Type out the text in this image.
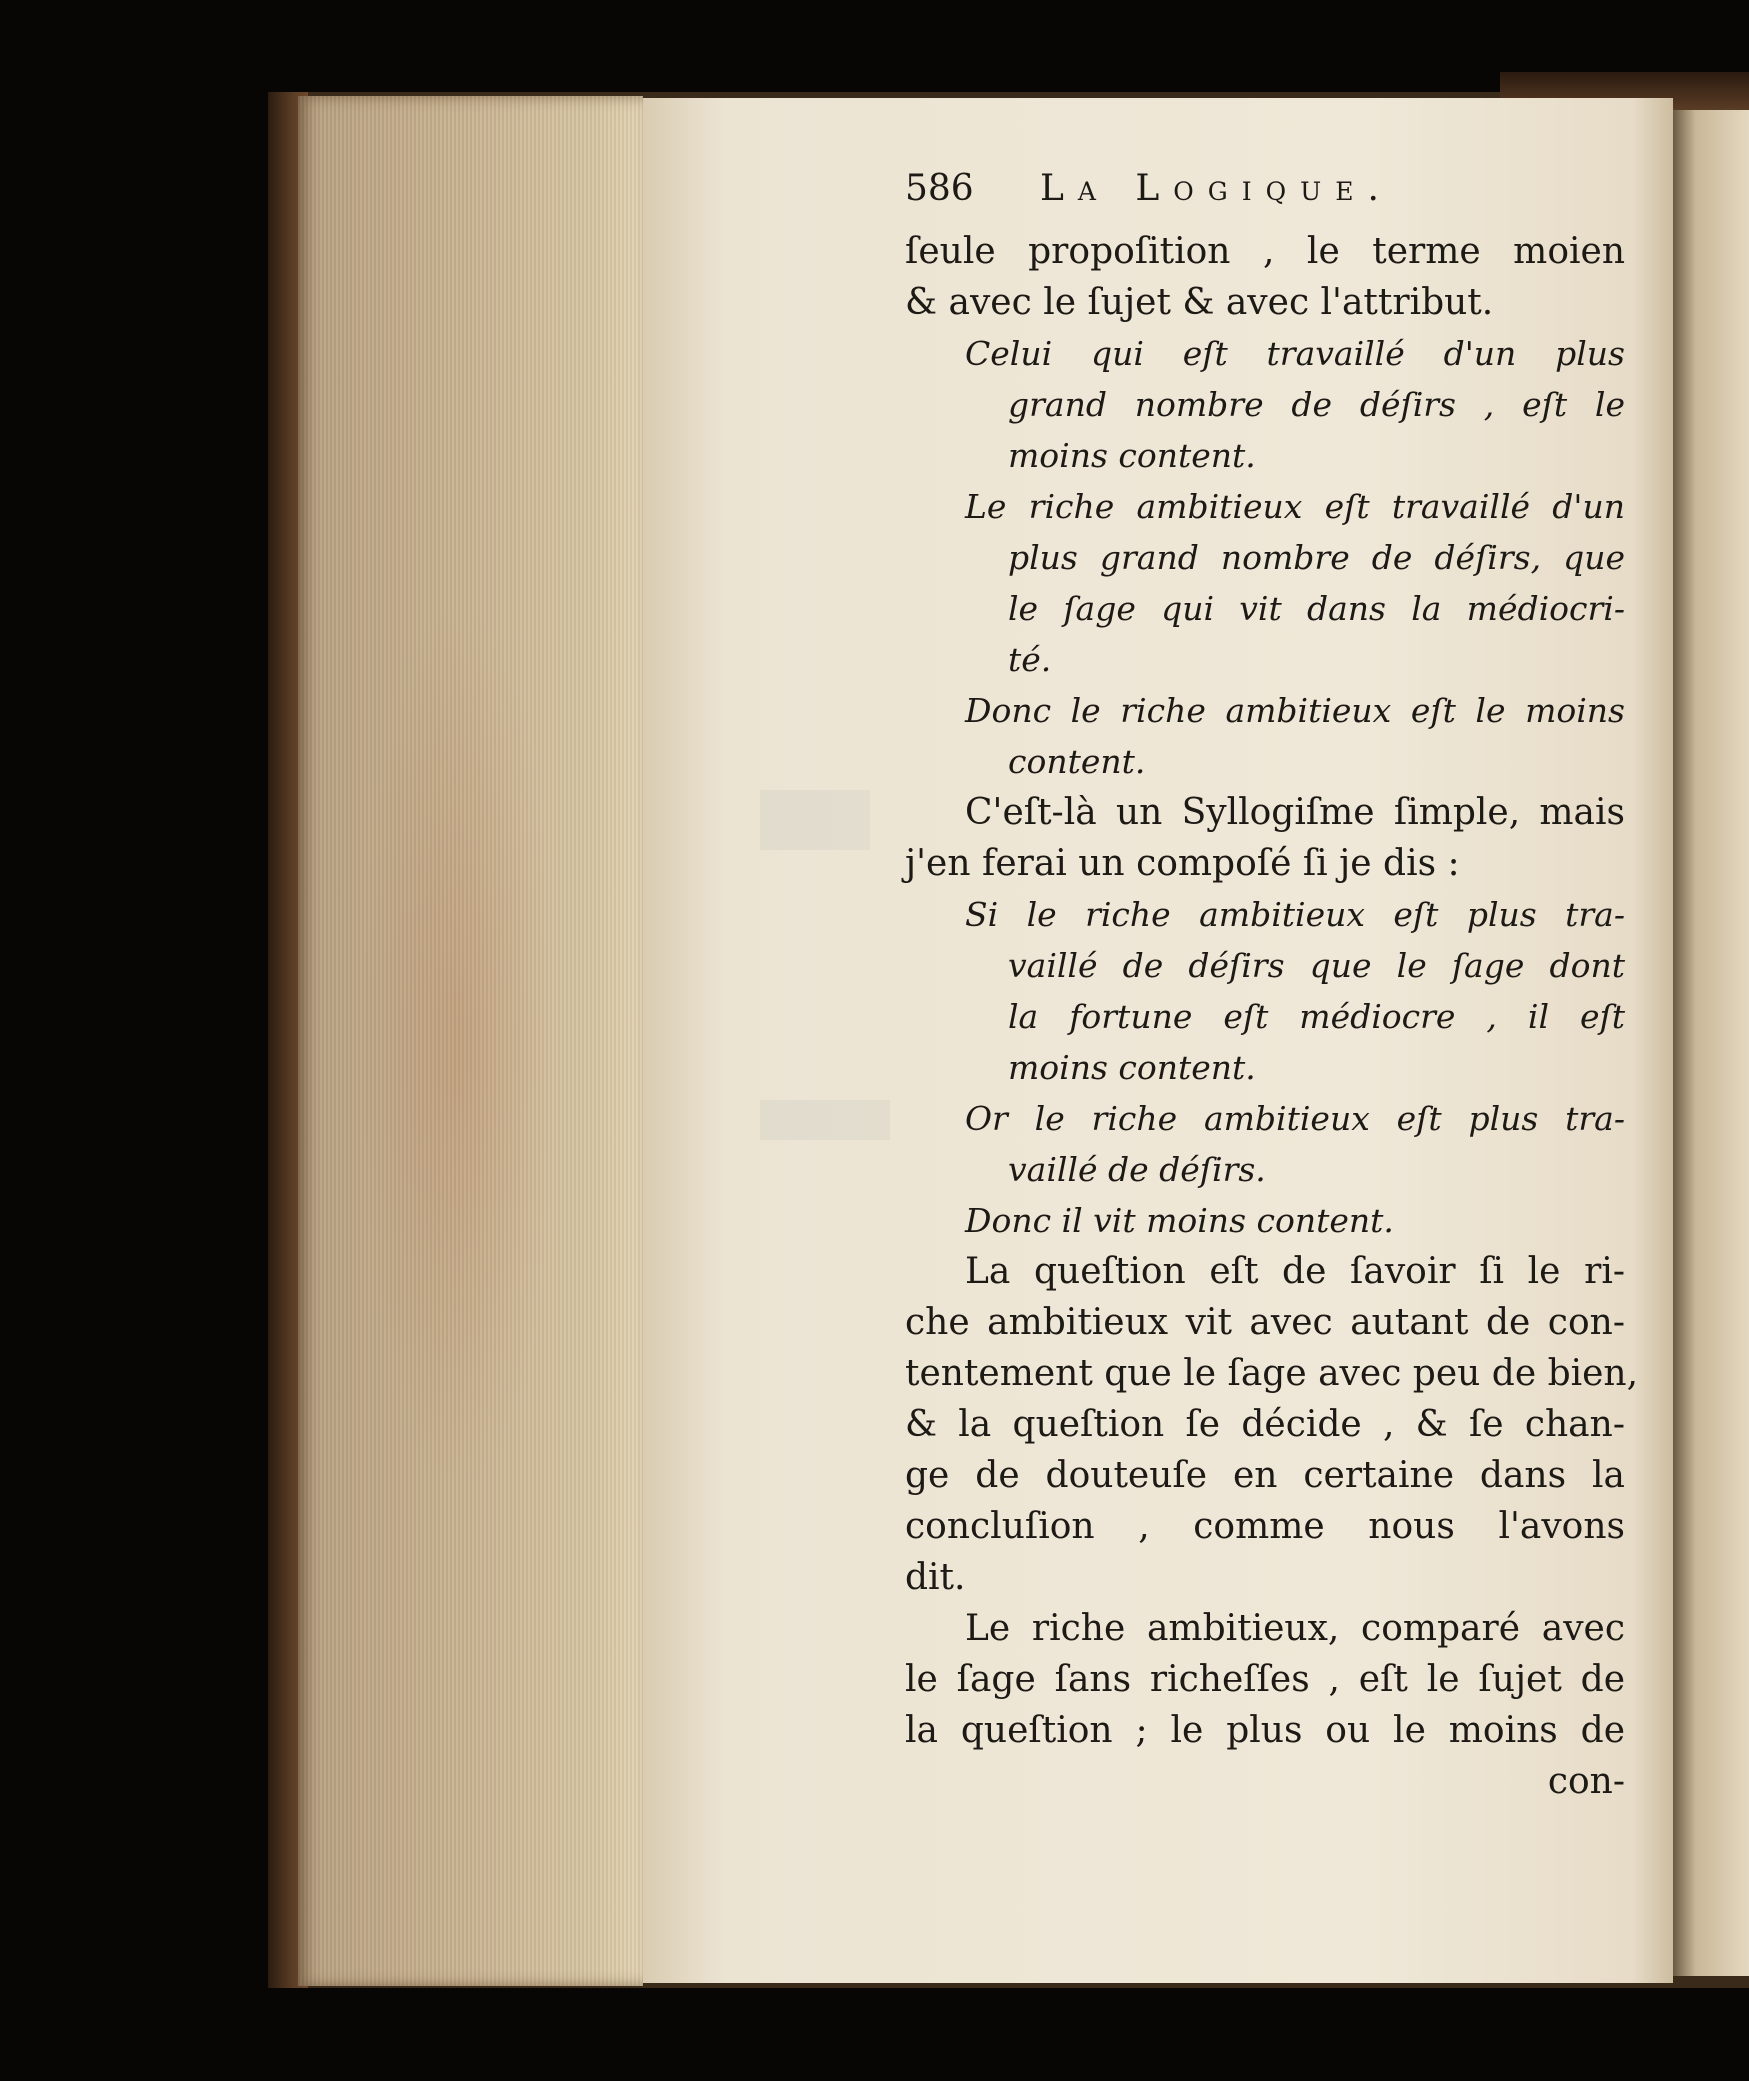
586 La Logique.
ſeule propoſition , le terme moien
& avec le ſujet & avec l'attribut.
Celui qui eſt travaillé d'un plus
grand nombre de déſirs , eſt le
moins content.
Le riche ambitieux eſt travaillé d'un
plus grand nombre de déſirs, que
le ſage qui vit dans la médiocri-
té.
Donc le riche ambitieux eſt le moins
content.
C'eſt-là un Syllogiſme ſimple, mais
j'en ferai un compoſé ſi je dis :
Si le riche ambitieux eſt plus tra-
vaillé de déſirs que le ſage dont
la fortune eſt médiocre , il eſt
moins content.
Or le riche ambitieux eſt plus tra-
vaillé de déſirs.
Donc il vit moins content.
La queſtion eſt de ſavoir ſi le ri-
che ambitieux vit avec autant de con-
tentement que le ſage avec peu de bien,
& la queſtion ſe décide , & ſe chan-
ge de douteuſe en certaine dans la
concluſion , comme nous l'avons
dit.
Le riche ambitieux, comparé avec
le ſage ſans richeſſes , eſt le ſujet de
la queſtion ; le plus ou le moins de
con-
